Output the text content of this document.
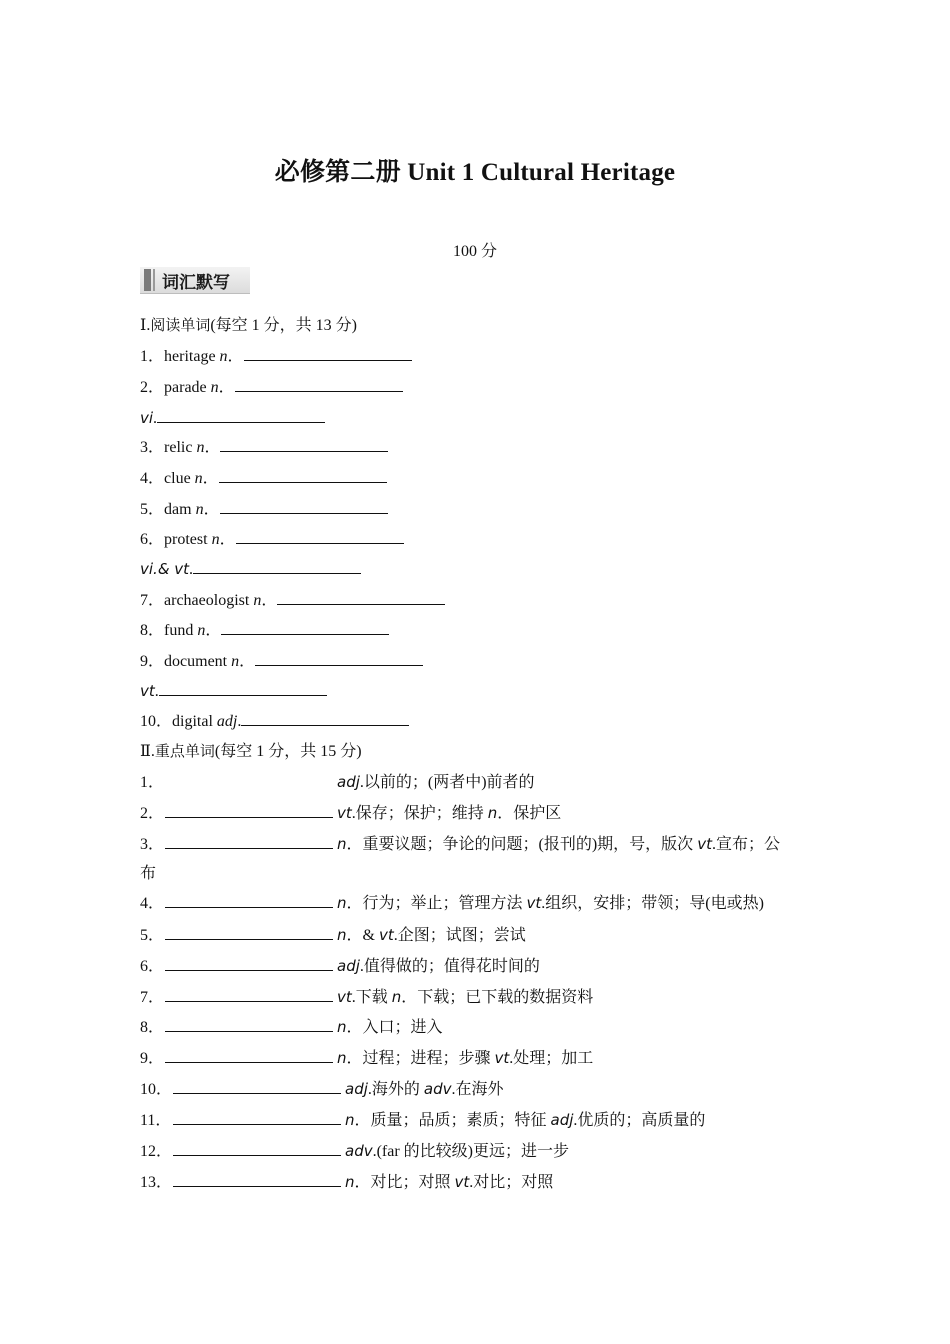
必修第二册 Unit 1 Cultural Heritage
100 分
词汇默写
Ⅰ.阅读单词(每空 1 分，共 13 分)
1．heritage n．
2．parade n．
vi.
3．relic n．
4．clue n．
5．dam n．
6．protest n．
vi.& vt.
7．archaeologist n．
8．fund n．
9．document n．
vt.
10．digital adj.
Ⅱ.重点单词(每空 1 分，共 15 分)
1．	adj.以前的；(两者中)前者的
2．	vt.保存；保护；维持 n．保护区
3．	n．重要议题；争论的问题；(报刊的)期，号，版次 vt.宣布；公
布
4．	n．行为；举止；管理方法 vt.组织，安排；带领；导(电或热)
5．	n．& vt.企图；试图；尝试
6．	adj.值得做的；值得花时间的
7．	vt.下载 n．下载；已下载的数据资料
8．	n．入口；进入
9．	n．过程；进程；步骤 vt.处理；加工
10．	adj.海外的 adv.在海外
11．	n．质量；品质；素质；特征 adj.优质的；高质量的
12．	adv.(far 的比较级)更远；进一步
13．	n．对比；对照 vt.对比；对照
